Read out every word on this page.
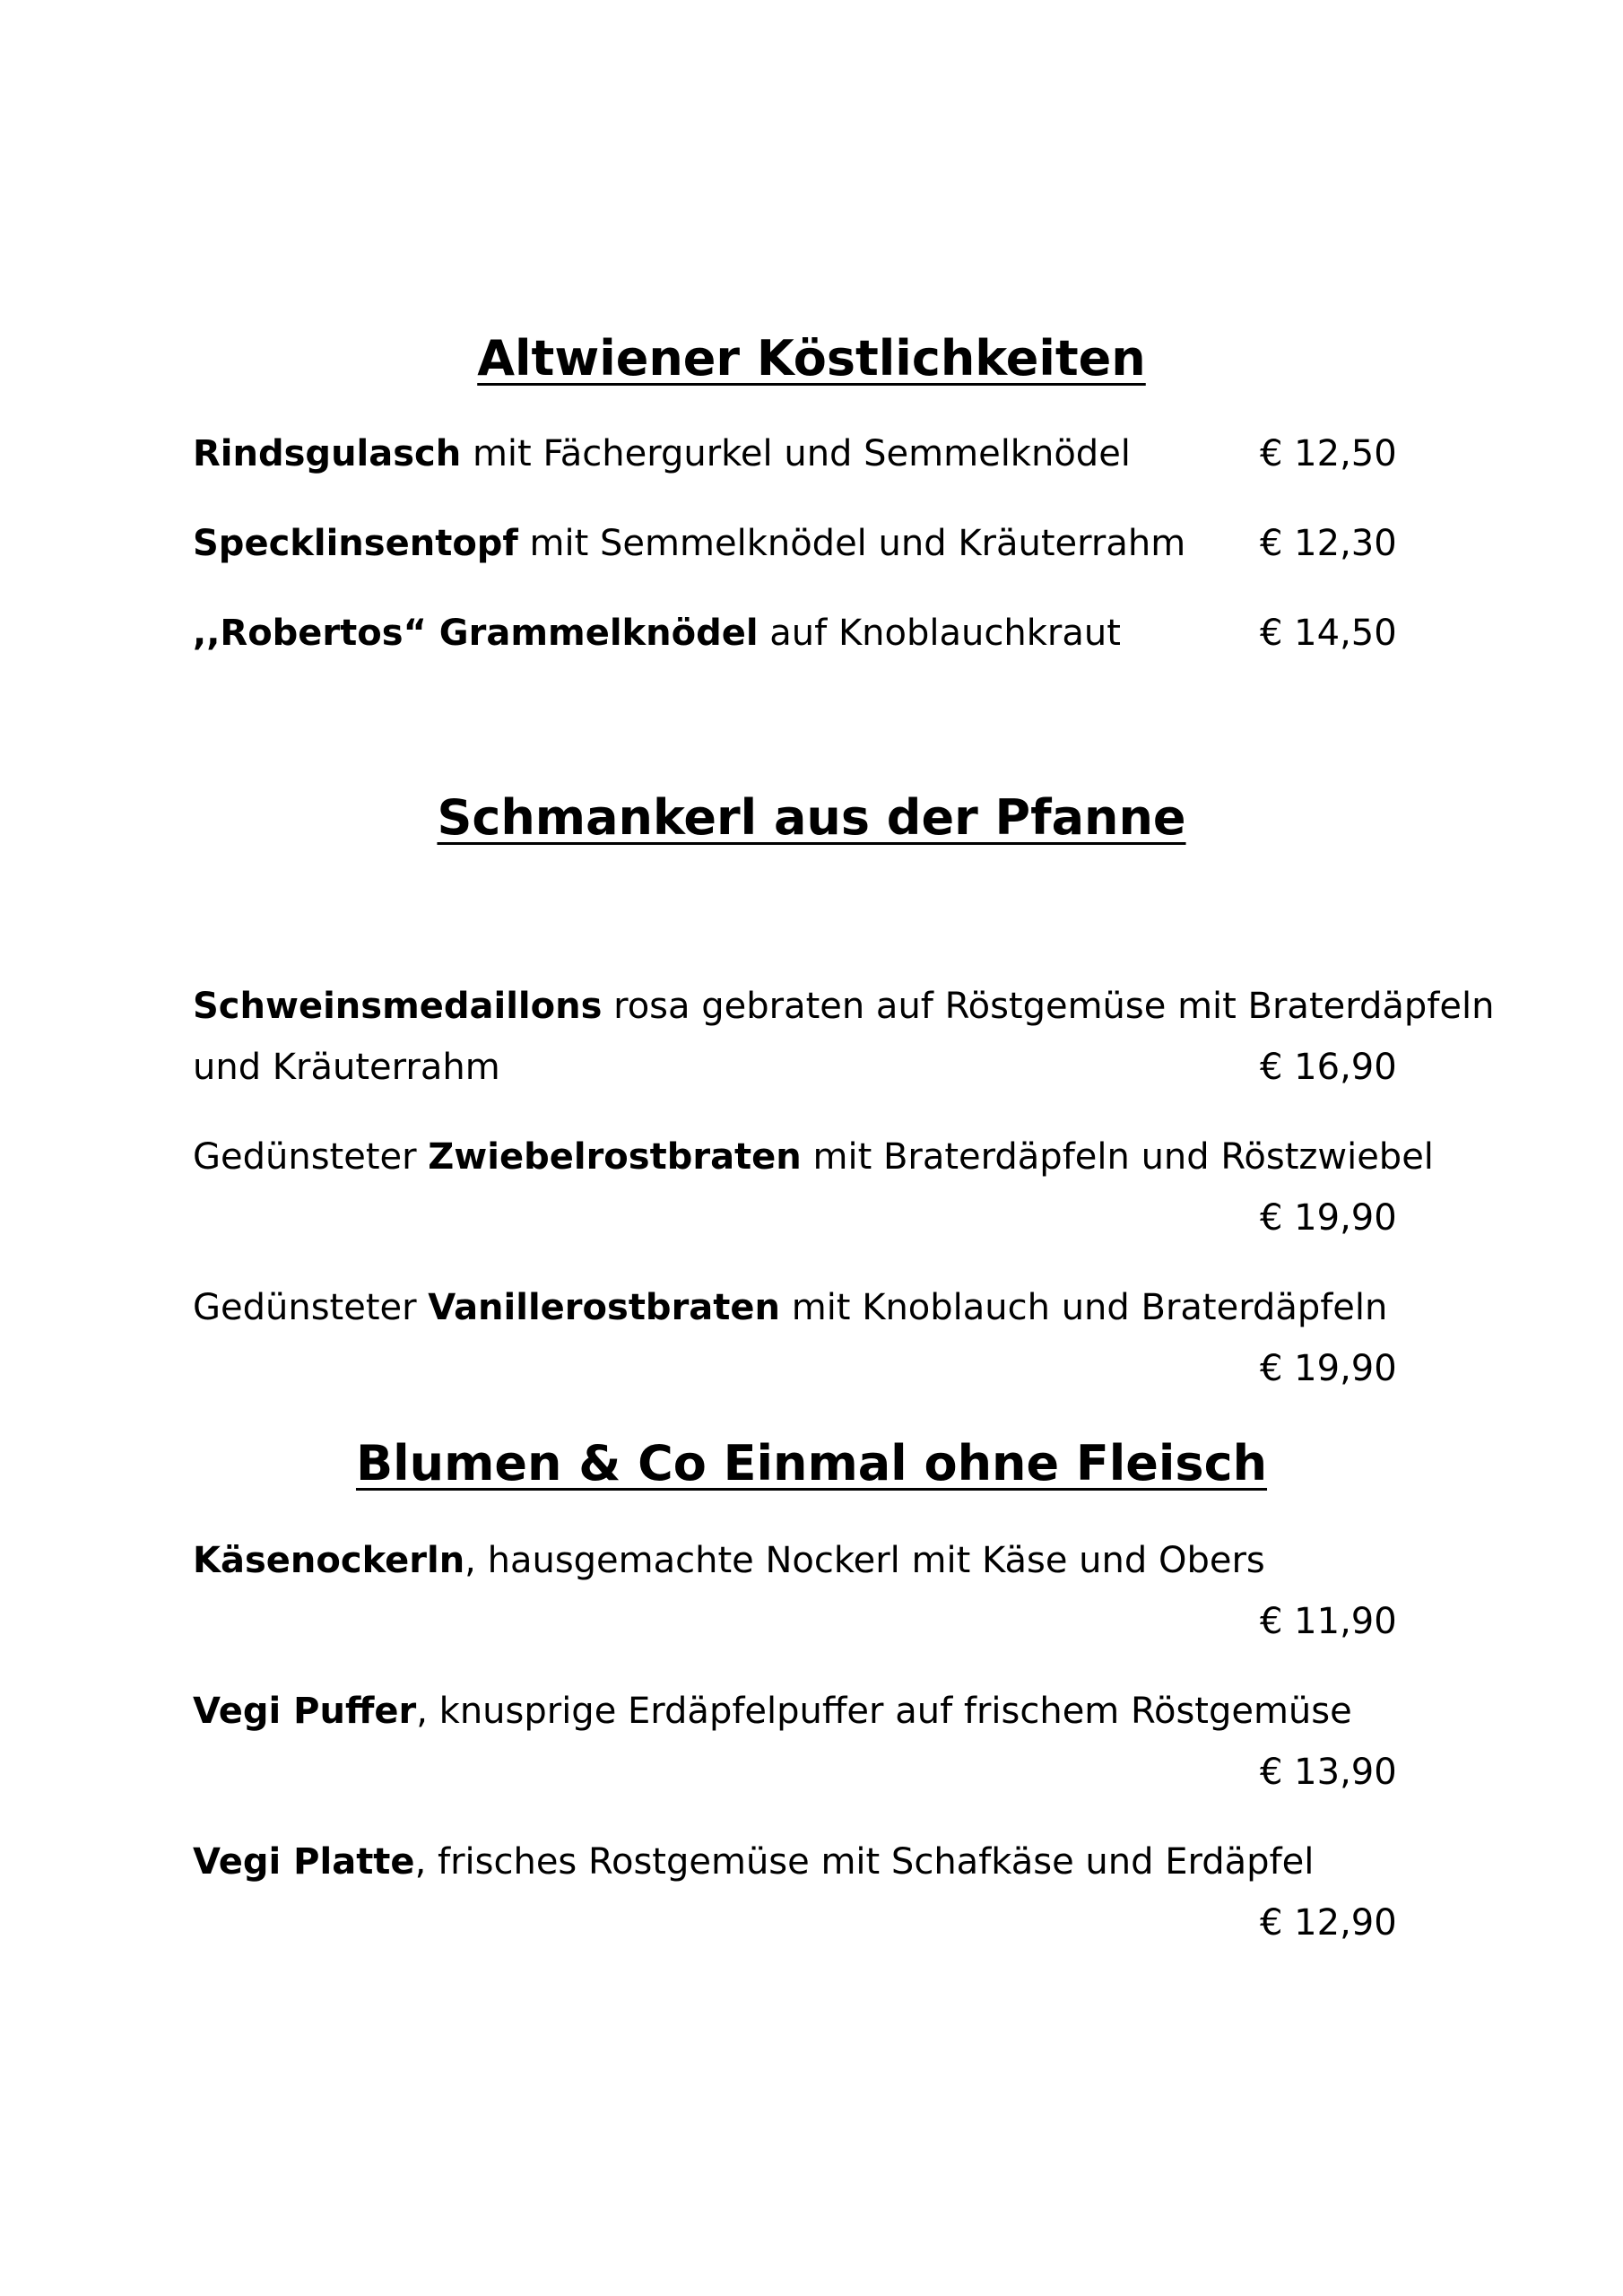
Altwiener Köstlichkeiten
Rindsgulasch mit Fächergurkel und Semmelknödel	€ 12,50
Specklinsentopf mit Semmelknödel und Kräuterrahm € 12,30
,,Robertos“ Grammelknödel auf Knoblauchkraut	€ 14,50
Schmankerl aus der Pfanne
Schweinsmedaillons rosa gebraten auf Röstgemüse mit Braterdäpfeln
und Kräuterrahm	€ 16,90
Gedünsteter Zwiebelrostbraten mit Braterdäpfeln und Röstzwiebel
€ 19,90
Gedünsteter Vanillerostbraten mit Knoblauch und Braterdäpfeln
€ 19,90
Blumen & Co Einmal ohne Fleisch
Käsenockerln, hausgemachte Nockerl mit Käse und Obers
€ 11,90
Vegi Puffer, knusprige Erdäpfelpuffer auf frischem Röstgemüse
€ 13,90
Vegi Platte, frisches Rostgemüse mit Schafkäse und Erdäpfel
€ 12,90
